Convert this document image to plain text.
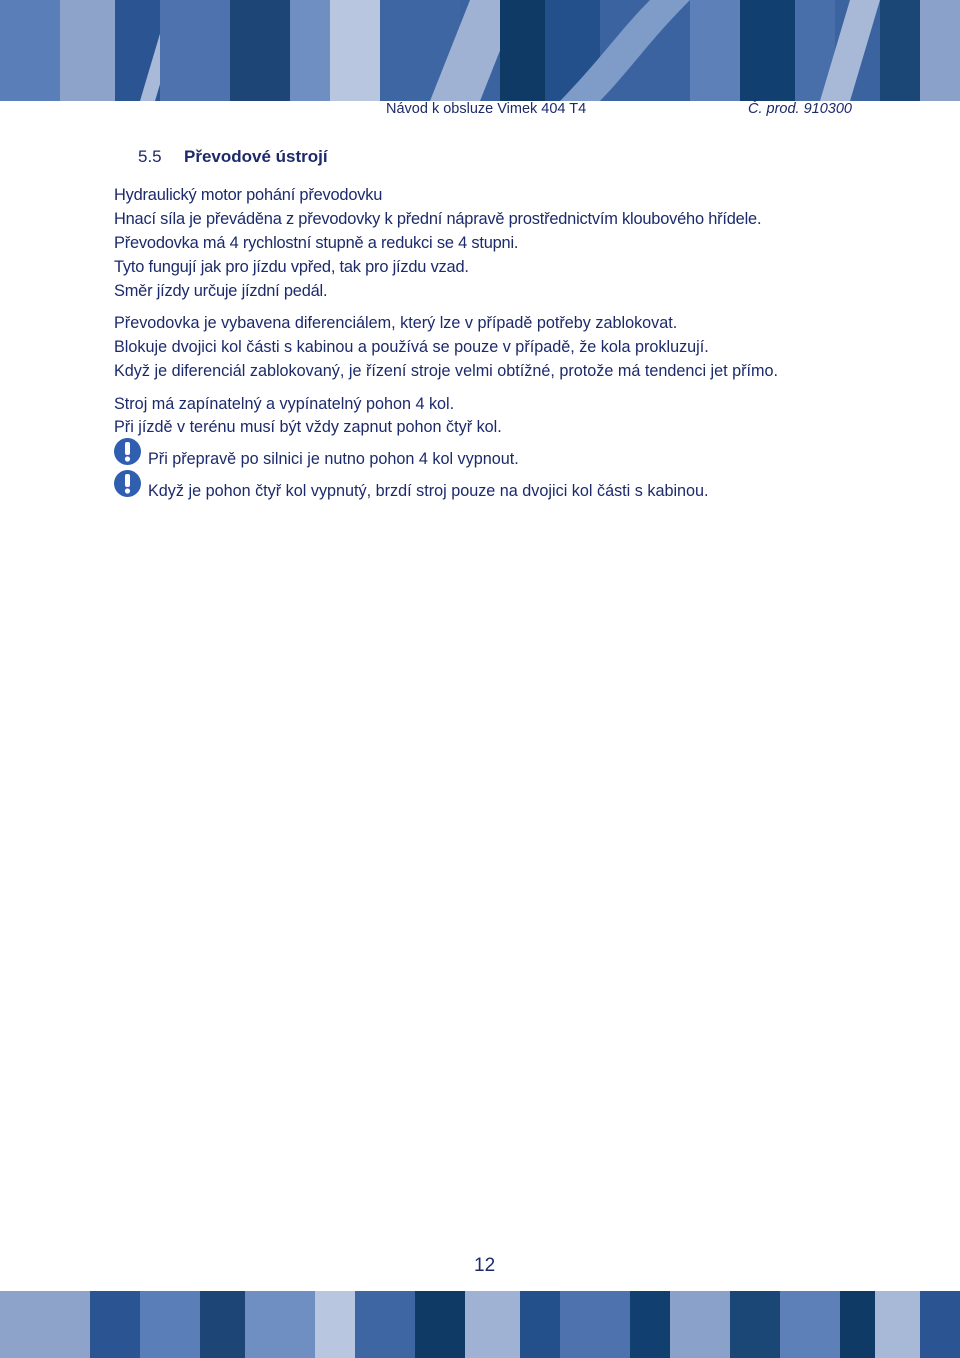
Návod k obsluze Vimek 404 T4	Č. prod. 910300
5.5 Převodové ústrojí
Hydraulický motor pohání převodovku
Hnací síla je převáděna z převodovky k přední nápravě prostřednictvím kloubového hřídele.
Převodovka má 4 rychlostní stupně a redukci se 4 stupni.
Tyto fungují jak pro jízdu vpřed, tak pro jízdu vzad.
Směr jízdy určuje jízdní pedál.
Převodovka je vybavena diferenciálem, který lze v případě potřeby zablokovat.
Blokuje dvojici kol části s kabinou a používá se pouze v případě, že kola prokluzují.
Když je diferenciál zablokovaný, je řízení stroje velmi obtížné, protože má tendenci jet přímo.
Stroj má zapínatelný a vypínatelný pohon 4 kol.
Při jízdě v terénu musí být vždy zapnut pohon čtyř kol.
Při přepravě po silnici je nutno pohon 4 kol vypnout.
Když je pohon čtyř kol vypnutý, brzdí stroj pouze na dvojici kol části s kabinou.
12
